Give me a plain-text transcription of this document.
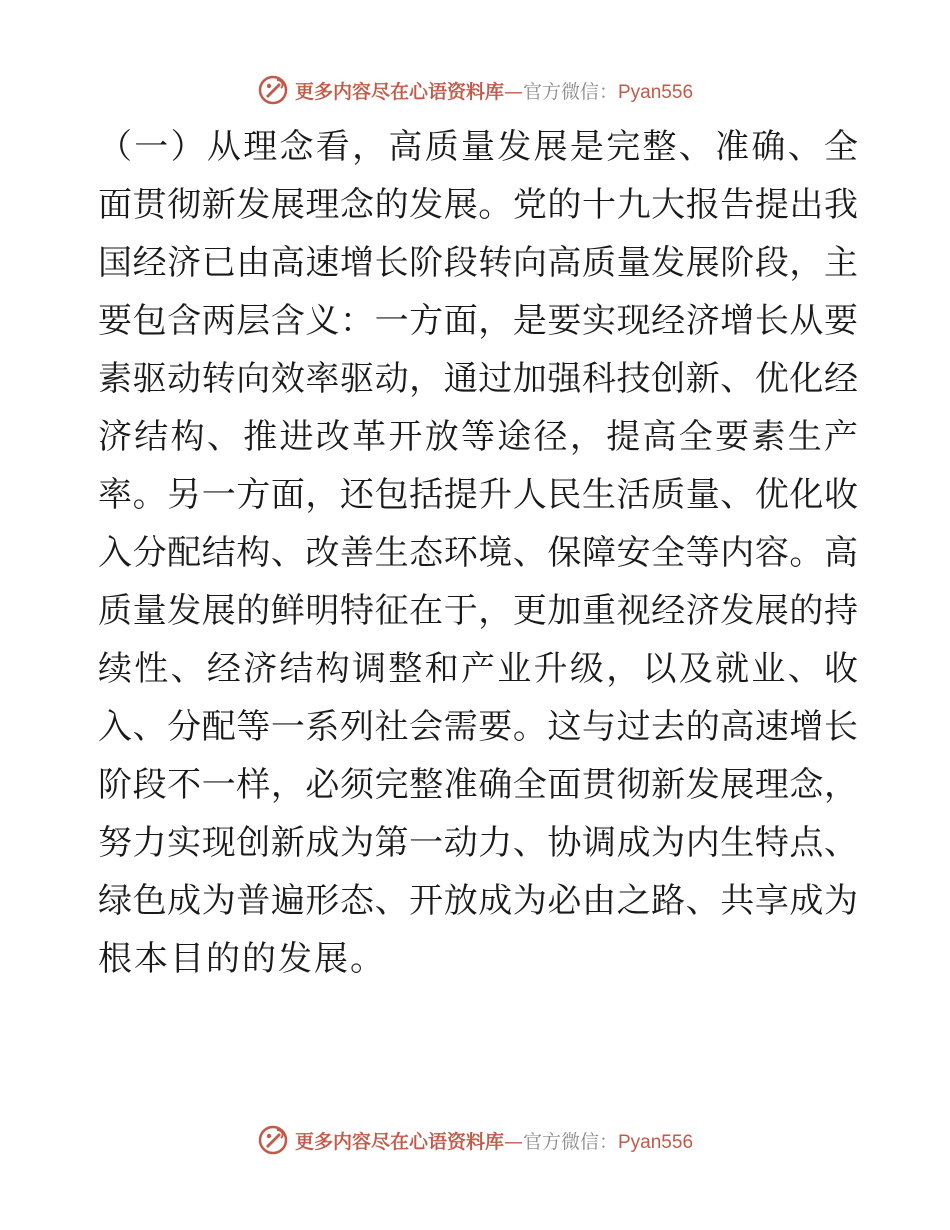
更多内容尽在心语资料库—官方微信：Pyan556
（一）从理念看，高质量发展是完整、准确、全
面贯彻新发展理念的发展。党的十九大报告提出我
国经济已由高速增长阶段转向高质量发展阶段，主
要包含两层含义：一方面，是要实现经济增长从要
素驱动转向效率驱动，通过加强科技创新、优化经
济结构、推进改革开放等途径，提高全要素生产
率。另一方面，还包括提升人民生活质量、优化收
入分配结构、改善生态环境、保障安全等内容。高
质量发展的鲜明特征在于，更加重视经济发展的持
续性、经济结构调整和产业升级，以及就业、收
入、分配等一系列社会需要。这与过去的高速增长
阶段不一样，必须完整准确全面贯彻新发展理念，
努力实现创新成为第一动力、协调成为内生特点、
绿色成为普遍形态、开放成为必由之路、共享成为
根本目的的发展。
更多内容尽在心语资料库—官方微信：Pyan556
